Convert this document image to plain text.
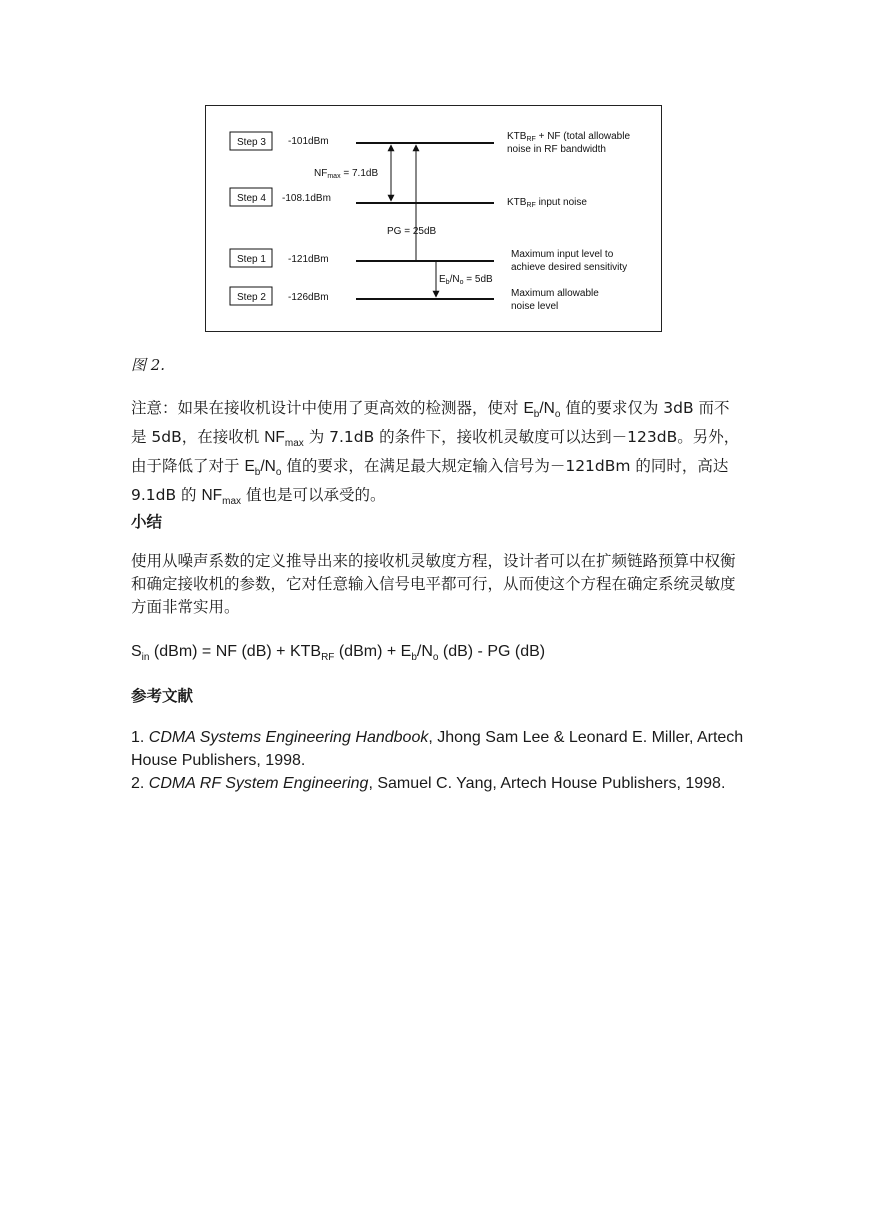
Step 3
Step 4
Step 1
Step 2
-101dBm
-108.1dBm
-121dBm
-126dBm
$NF_{max} = 7.1dB$
PG = 25dB
$E_b/N_o = 5dB$
$KTB_{RF}$ + NF (total allowable
noise in RF bandwidth
$KTB_{RF}$ input noise
Maximum input level to
achieve desired sensitivity
Maximum allowable
noise level
图 2.

注意：如果在接收机设计中使用了更高效的检测器，使对 $E_b/N_o$ 值的要求仅为 3dB 而不是 5dB，在接收机 $NF_{max}$ 为 7.1dB 的条件下，接收机灵敏度可以达到－123dB。另外，由于降低了对于 $E_b/N_o$ 值的要求，在满足最大规定输入信号为－121dBm 的同时，高达 9.1dB 的 $NF_{max}$ 值也是可以承受的。

小结

使用从噪声系数的定义推导出来的接收机灵敏度方程，设计者可以在扩频链路预算中权衡和确定接收机的参数，它对任意输入信号电平都可行，从而使这个方程在确定系统灵敏度方面非常实用。

$S_{in}$ (dBm) = NF $(dB) + KTB_{RF}$ $(dBm) + E_b/N_o$ (dB) - PG (dB)

参考文献
1. CDMA Systems Engineering Handbook, Jhong Sam Lee & Leonard E. Miller, Artech House Publishers, 1998.
2. CDMA RF System Engineering, Samuel C. Yang, Artech House Publishers, 1998.
